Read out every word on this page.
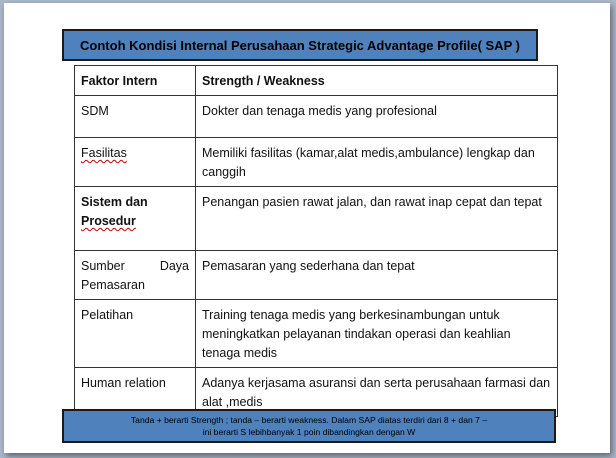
Contoh Kondisi Internal Perusahaan Strategic Advantage Profile( SAP )
Faktor Intern	Strength / Weakness
SDM	Dokter dan tenaga medis yang profesional
Fasilitas	Memiliki fasilitas (kamar,alat medis,ambulance) lengkap dan canggih

Sistem dan
Prosedur	Penangan pasien rawat jalan, dan rawat inap cepat dan tepat

Sumber Daya
Pemasaran	Pemasaran yang sederhana dan tepat
Pelatihan	Training tenaga medis yang berkesinambungan untuk meningkatkan pelayanan tindakan operasi dan keahlian tenaga medis
Human relation	Adanya kerjasama asuransi dan serta perusahaan farmasi dan alat ,medis
Tanda + berarti Strength ; tanda – berarti weakness. Dalam SAP diatas terdiri dari 8 + dan 7 –
ini berarti S lebihbanyak 1 poin dibandingkan dengan W
